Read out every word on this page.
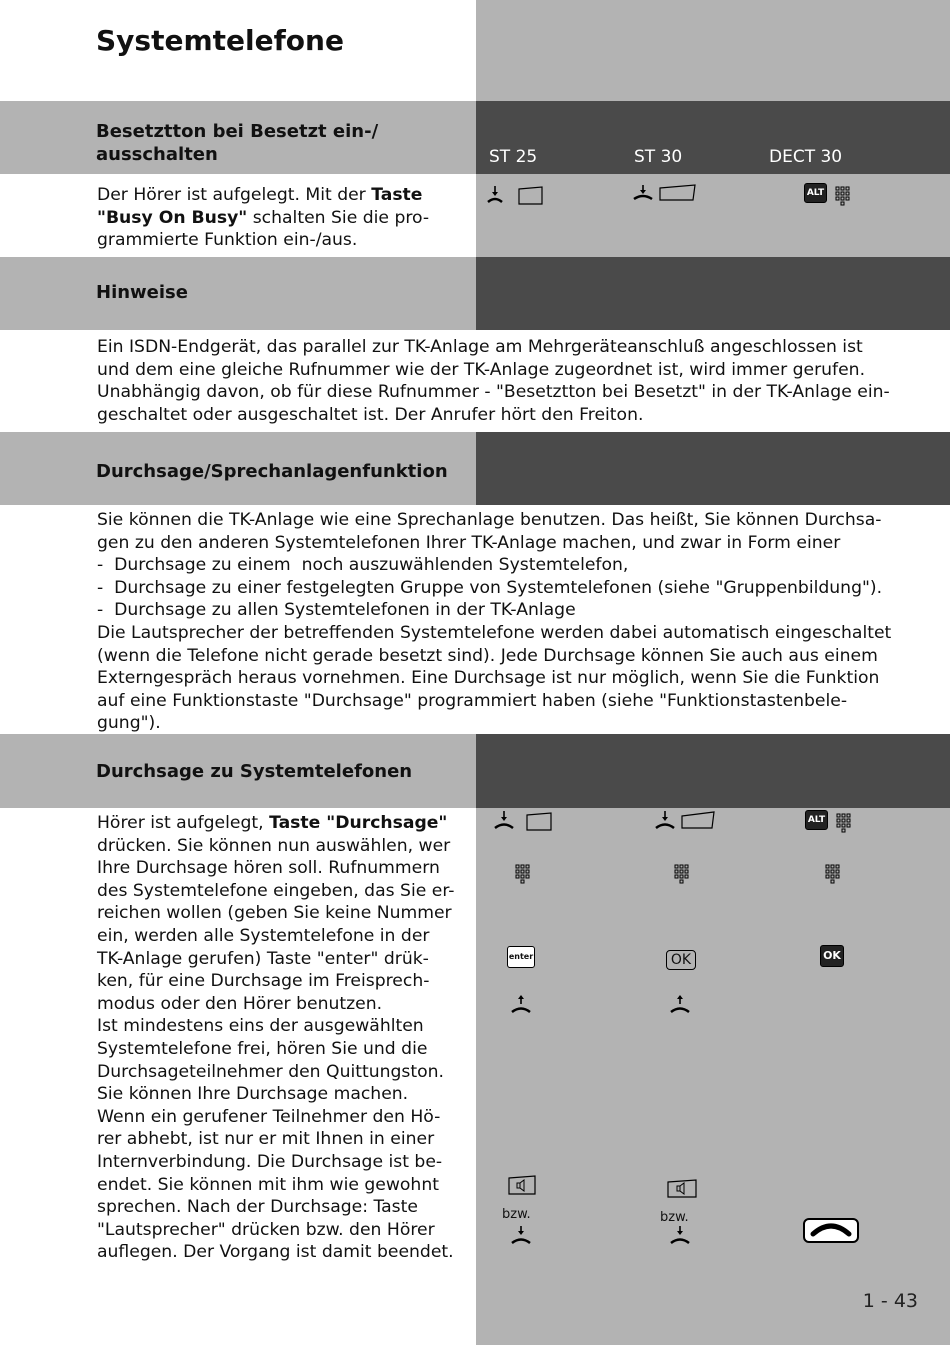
Systemtelefone
Besetztton bei Besetzt ein-/
ausschalten	ST 25	ST 30	DECT 30
Der Hörer ist aufgelegt. Mit der Taste
"Busy On Busy" schalten Sie die pro-
grammierte Funktion ein-/aus.
ALT
Hinweise
Ein ISDN-Endgerät, das parallel zur TK-Anlage am Mehrgeräteanschluß angeschlossen ist
und dem eine gleiche Rufnummer wie der TK-Anlage zugeordnet ist, wird immer gerufen.
Unabhängig davon, ob für diese Rufnummer - "Besetztton bei Besetzt" in der TK-Anlage ein-
geschaltet oder ausgeschaltet ist. Der Anrufer hört den Freiton.
Durchsage/Sprechanlagenfunktion
Sie können die TK-Anlage wie eine Sprechanlage benutzen. Das heißt, Sie können Durchsa-
gen zu den anderen Systemtelefonen Ihrer TK-Anlage machen, und zwar in Form einer
-  Durchsage zu einem  noch auszuwählenden Systemtelefon,
-  Durchsage zu einer festgelegten Gruppe von Systemtelefonen (siehe "Gruppenbildung").
-  Durchsage zu allen Systemtelefonen in der TK-Anlage
Die Lautsprecher der betreffenden Systemtelefone werden dabei automatisch eingeschaltet
(wenn die Telefone nicht gerade besetzt sind). Jede Durchsage können Sie auch aus einem
Externgespräch heraus vornehmen. Eine Durchsage ist nur möglich, wenn Sie die Funktion
auf eine Funktionstaste "Durchsage" programmiert haben (siehe "Funktionstastenbele-
gung").
Durchsage zu Systemtelefonen
Hörer ist aufgelegt, Taste "Durchsage"
drücken. Sie können nun auswählen, wer
Ihre Durchsage hören soll. Rufnummern
des Systemtelefone eingeben, das Sie er-
reichen wollen (geben Sie keine Nummer
ein, werden alle Systemtelefone in der
TK-Anlage gerufen) Taste "enter" drük-
ken, für eine Durchsage im Freisprech-
modus oder den Hörer benutzen.
Ist mindestens eins der ausgewählten
Systemtelefone frei, hören Sie und die
Durchsageteilnehmer den Quittungston.
Sie können Ihre Durchsage machen.
Wenn ein gerufener Teilnehmer den Hö-
rer abhebt, ist nur er mit Ihnen in einer
Internverbindung. Die Durchsage ist be-
endet. Sie können mit ihm wie gewohnt
sprechen. Nach der Durchsage: Taste
"Lautsprecher" drücken bzw. den Hörer
auflegen. Der Vorgang ist damit beendet.
ALT
enter	OK	OK
bzw.	bzw.
1 - 43
